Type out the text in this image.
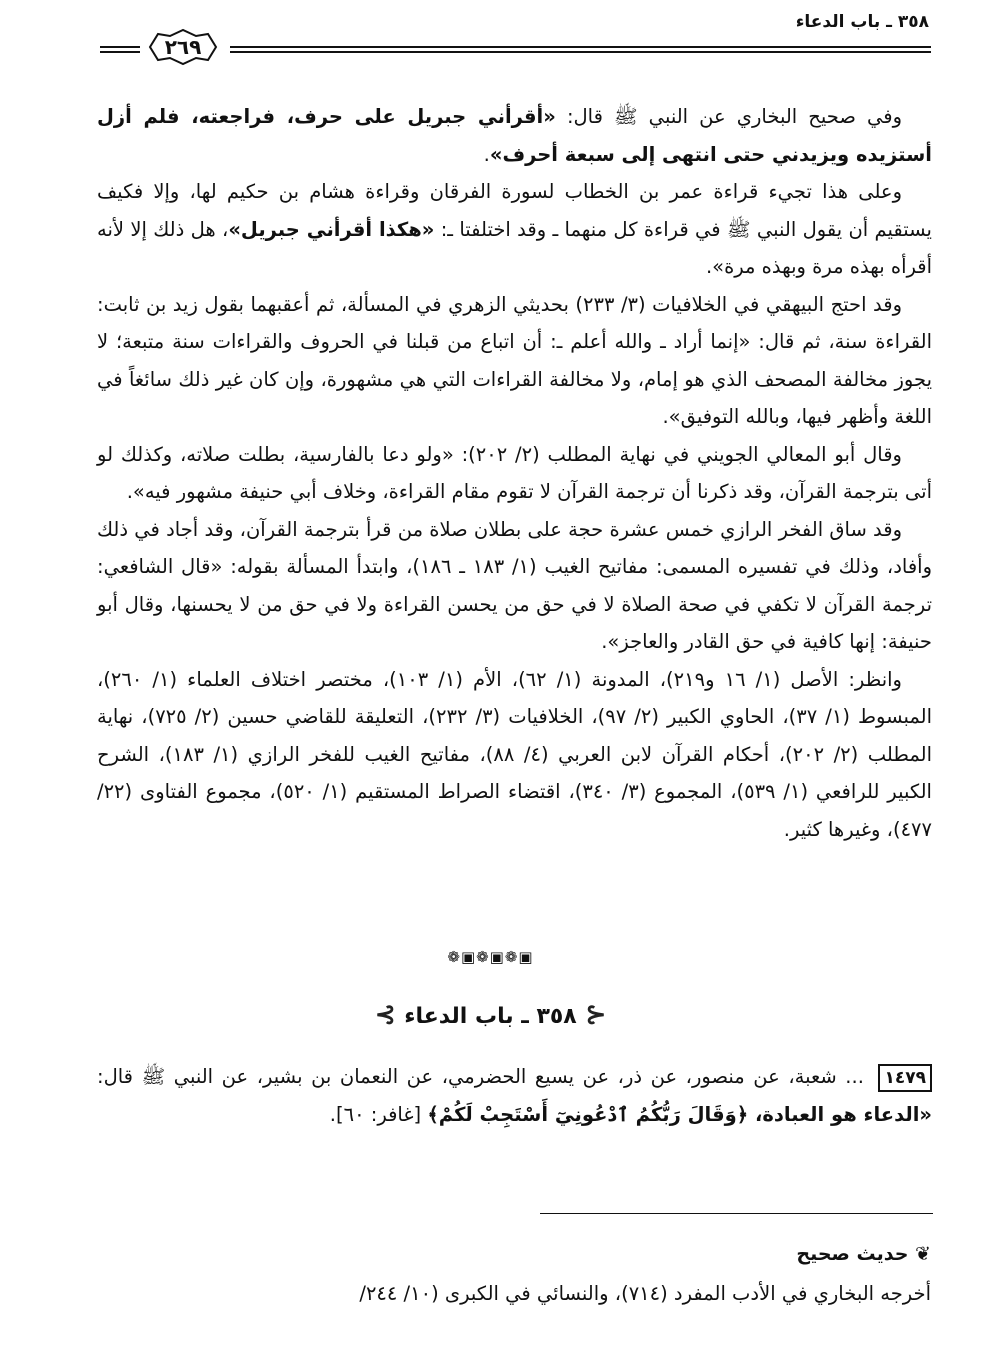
٣٥٨ ـ باب الدعاء
٢٦٩

وفي صحيح البخاري عن النبي ﷺ قال: «أقرأني جبريل على حرف، فراجعته، فلم أزل أستزيده ويزيدني حتى انتهى إلى سبعة أحرف».

وعلى هذا تجيء قراءة عمر بن الخطاب لسورة الفرقان وقراءة هشام بن حكيم لها، وإلا فكيف يستقيم أن يقول النبي ﷺ في قراءة كل منهما ـ وقد اختلفتا ـ: «هكذا أقرأني جبريل»، هل ذلك إلا لأنه أقرأه بهذه مرة وبهذه مرة».

وقد احتج البيهقي في الخلافيات (٣/ ٢٣٣) بحديثي الزهري في المسألة، ثم أعقبهما بقول زيد بن ثابت: القراءة سنة، ثم قال: «إنما أراد ـ والله أعلم ـ: أن اتباع من قبلنا في الحروف والقراءات سنة متبعة؛ لا يجوز مخالفة المصحف الذي هو إمام، ولا مخالفة القراءات التي هي مشهورة، وإن كان غير ذلك سائغاً في اللغة وأظهر فيها، وبالله التوفيق».

وقال أبو المعالي الجويني في نهاية المطلب (٢/ ٢٠٢): «ولو دعا بالفارسية، بطلت صلاته، وكذلك لو أتى بترجمة القرآن، وقد ذكرنا أن ترجمة القرآن لا تقوم مقام القراءة، وخلاف أبي حنيفة مشهور فيه».

وقد ساق الفخر الرازي خمس عشرة حجة على بطلان صلاة من قرأ بترجمة القرآن، وقد أجاد في ذلك وأفاد، وذلك في تفسيره المسمى: مفاتيح الغيب (١/ ١٨٣ ـ ١٨٦)، وابتدأ المسألة بقوله: «قال الشافعي: ترجمة القرآن لا تكفي في صحة الصلاة لا في حق من يحسن القراءة ولا في حق من لا يحسنها، وقال أبو حنيفة: إنها كافية في حق القادر والعاجز».

وانظر: الأصل (١/ ١٦ و٢١٩)، المدونة (١/ ٦٢)، الأم (١/ ١٠٣)، مختصر اختلاف العلماء (١/ ٢٦٠)، المبسوط (١/ ٣٧)، الحاوي الكبير (٢/ ٩٧)، الخلافيات (٣/ ٢٣٢)، التعليقة للقاضي حسين (٢/ ٧٢٥)، نهاية المطلب (٢/ ٢٠٢)، أحكام القرآن لابن العربي (٤/ ٨٨)، مفاتيح الغيب للفخر الرازي (١/ ١٨٣)، الشرح الكبير للرافعي (١/ ٥٣٩)، المجموع (٣/ ٣٤٠)، اقتضاء الصراط المستقيم (١/ ٥٢٠)، مجموع الفتاوى (٢٢/ ٤٧٧)، وغيرها كثير.

❁▣❁▣❁▣
⊰٣٥٨ ـ باب الدعاء⊱
١٤٧٩ ... شعبة، عن منصور، عن ذر، عن يسيع الحضرمي، عن النعمان بن بشير، عن النبي ﷺ قال: «الدعاء هو العبادة، ﴿وَقَالَ رَبُّكُمُ ٱدْعُونِيٓ أَسْتَجِبْ لَكُمْ﴾ [غافر: ٦٠].
❦ حديث صحيح
أخرجه البخاري في الأدب المفرد (٧١٤)، والنسائي في الكبرى (١٠/ ٢٤٤/
